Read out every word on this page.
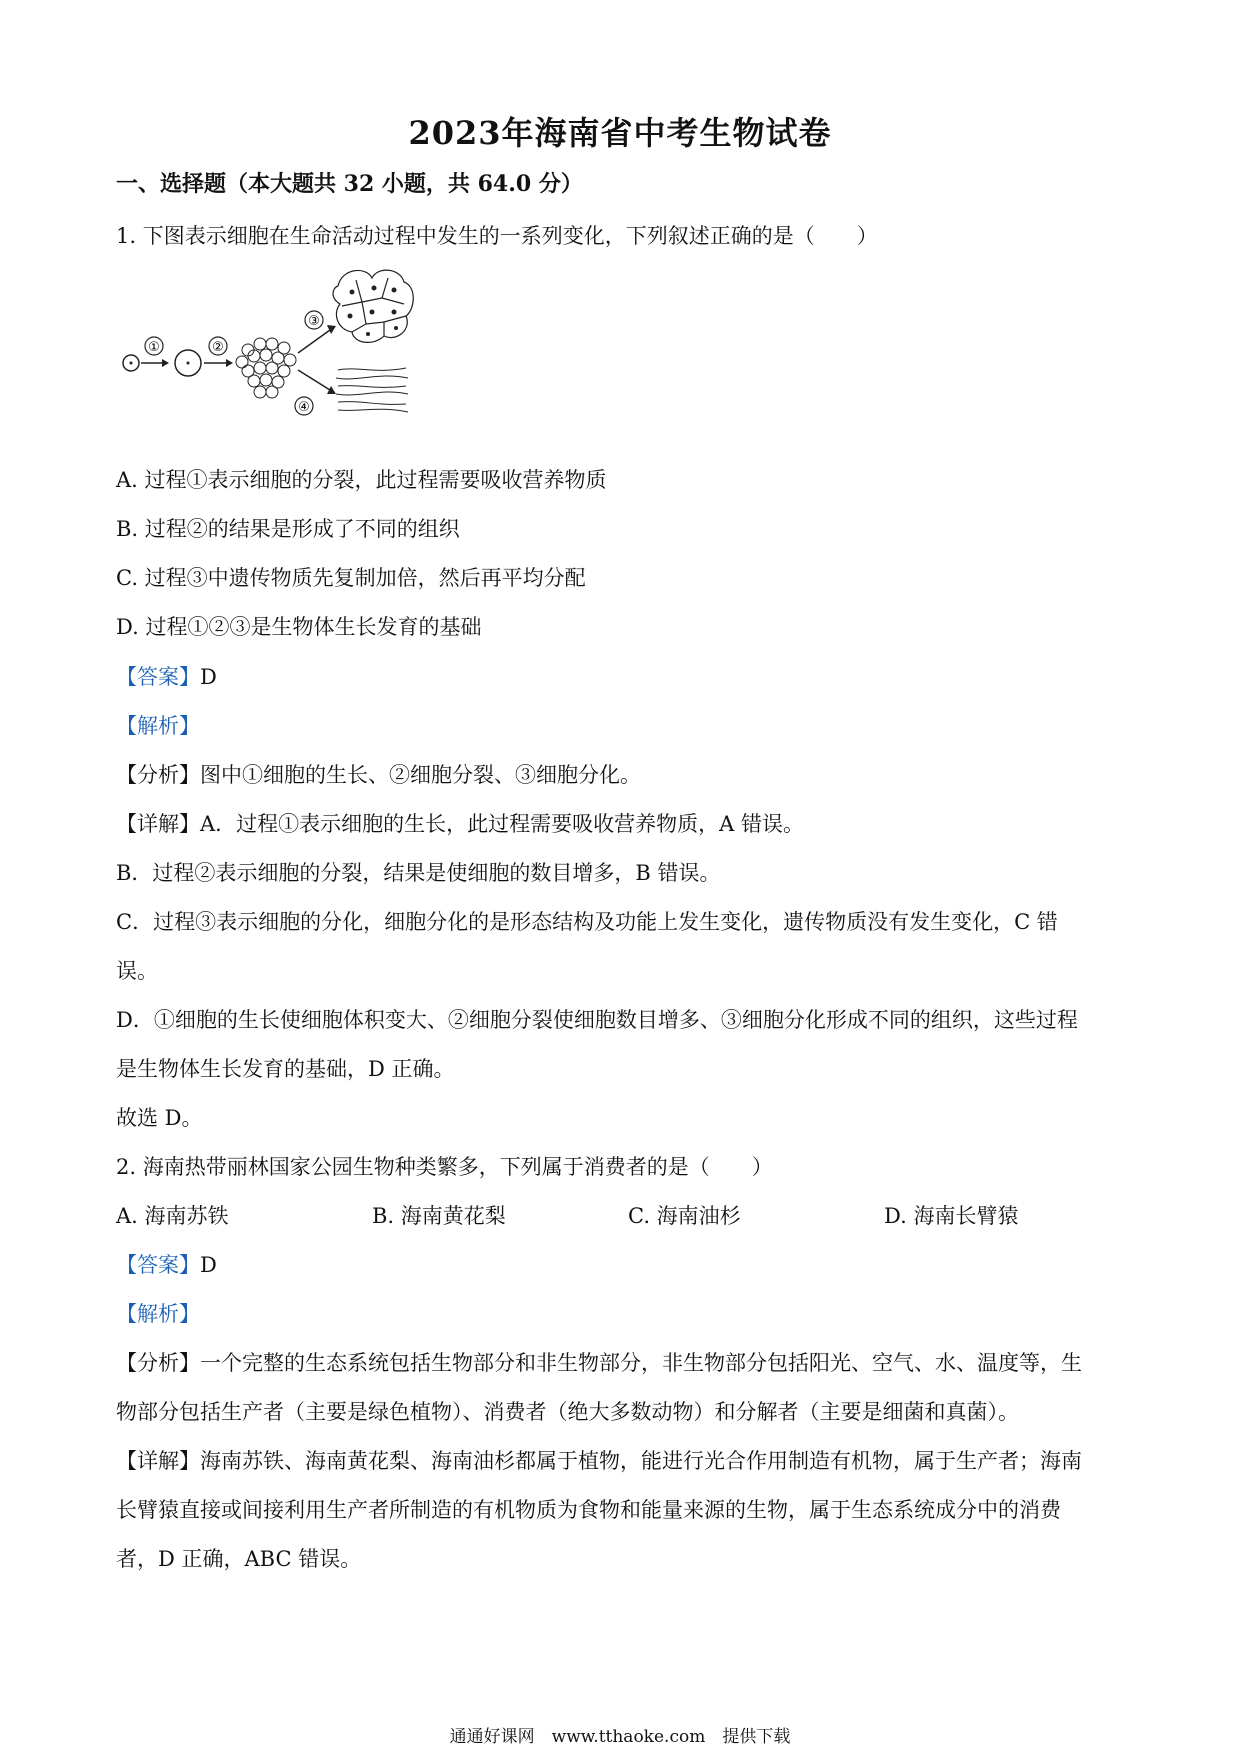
2023年海南省中考生物试卷
一、选择题（本大题共 32 小题，共 64.0 分）
1. 下图表示细胞在生命活动过程中发生的一系列变化，下列叙述正确的是（　　）
①	②
③
④
A. 过程①表示细胞的分裂，此过程需要吸收营养物质
B. 过程②的结果是形成了不同的组织
C. 过程③中遗传物质先复制加倍，然后再平均分配
D. 过程①②③是生物体生长发育的基础
【答案】D
【解析】
【分析】图中①细胞的生长、②细胞分裂、③细胞分化。
【详解】A．过程①表示细胞的生长，此过程需要吸收营养物质，A 错误。
B．过程②表示细胞的分裂，结果是使细胞的数目增多，B 错误。
C．过程③表示细胞的分化，细胞分化的是形态结构及功能上发生变化，遗传物质没有发生变化，C 错
误。
D．①细胞的生长使细胞体积变大、②细胞分裂使细胞数目增多、③细胞分化形成不同的组织，这些过程
是生物体生长发育的基础，D 正确。
故选 D。
2. 海南热带丽林国家公园生物种类繁多，下列属于消费者的是（　　）
A. 海南苏铁	B. 海南黄花梨	C. 海南油杉	D. 海南长臂猿
【答案】D
【解析】
【分析】一个完整的生态系统包括生物部分和非生物部分，非生物部分包括阳光、空气、水、温度等，生
物部分包括生产者（主要是绿色植物）、消费者（绝大多数动物）和分解者（主要是细菌和真菌）。
【详解】海南苏铁、海南黄花梨、海南油杉都属于植物，能进行光合作用制造有机物，属于生产者；海南
长臂猿直接或间接利用生产者所制造的有机物质为食物和能量来源的生物，属于生态系统成分中的消费
者，D 正确，ABC 错误。
通通好课网　www.tthaoke.com　提供下载
